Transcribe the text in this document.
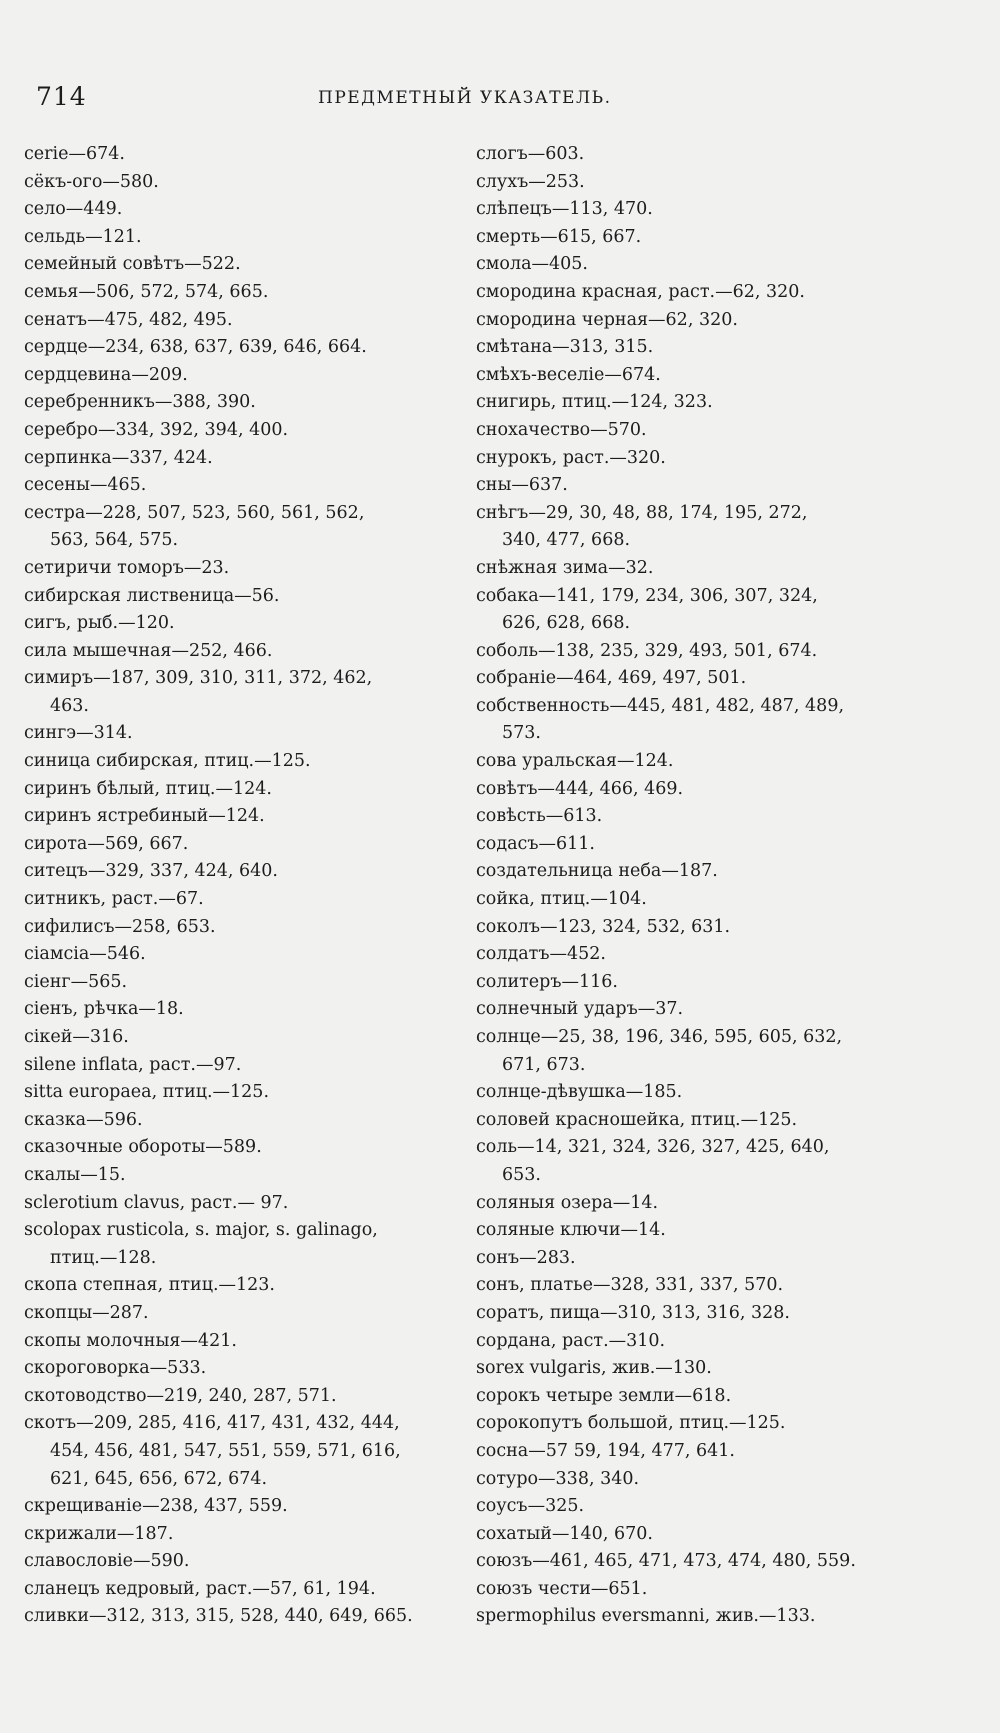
714	ПРЕДМЕТНЫЙ УКАЗАТЕЛЬ.
cerie—674.
сёкъ-ого—580.
село—449.
сельдь—121.
семейный совѣтъ—522.
семья—506, 572, 574, 665.
сенатъ—475, 482, 495.
сердце—234, 638, 637, 639, 646, 664.
сердцевина—209.
серебренникъ—388, 390.
серебро—334, 392, 394, 400.
серпинка—337, 424.
сесены—465.
сестра—228, 507, 523, 560, 561, 562,
563, 564, 575.
сетиричи томоръ—23.
сибирская лиственица—56.
сигъ, рыб.—120.
сила мышечная—252, 466.
симиръ—187, 309, 310, 311, 372, 462,
463.
сингэ—314.
синица сибирская, птиц.—125.
сиринъ бѣлый, птиц.—124.
сиринъ ястребиный—124.
сирота—569, 667.
ситецъ—329, 337, 424, 640.
ситникъ, раст.—67.
сифилисъ—258, 653.
сiамсiа—546.
сiенг—565.
сiенъ, рѣчка—18.
сiкей—316.
silene inflata, раст.—97.
sitta europaea, птиц.—125.
сказка—596.
сказочные обороты—589.
скалы—15.
sclerotium clavus, раст.— 97.
scolopax rusticola, s. major, s. galinago,
птиц.—128.
скопа степная, птиц.—123.
скопцы—287.
скопы молочныя—421.
скороговорка—533.
скотоводство—219, 240, 287, 571.
скотъ—209, 285, 416, 417, 431, 432, 444,
454, 456, 481, 547, 551, 559, 571, 616,
621, 645, 656, 672, 674.
скрещиванiе—238, 437, 559.
скрижали—187.
славословiе—590.
сланецъ кедровый, раст.—57, 61, 194.
сливки—312, 313, 315, 528, 440, 649, 665.
слогъ—603.
слухъ—253.
слѣпецъ—113, 470.
смерть—615, 667.
смола—405.
смородина красная, раст.—62, 320.
смородина черная—62, 320.
смѣтана—313, 315.
смѣхъ-веселiе—674.
снигирь, птиц.—124, 323.
снохачество—570.
снурокъ, раст.—320.
сны—637.
снѣгъ—29, 30, 48, 88, 174, 195, 272,
340, 477, 668.
снѣжная зима—32.
собака—141, 179, 234, 306, 307, 324,
626, 628, 668.
соболь—138, 235, 329, 493, 501, 674.
собранiе—464, 469, 497, 501.
собственность—445, 481, 482, 487, 489,
573.
сова уральская—124.
совѣтъ—444, 466, 469.
совѣсть—613.
содасъ—611.
создательница неба—187.
сойка, птиц.—104.
соколъ—123, 324, 532, 631.
солдатъ—452.
солитеръ—116.
солнечный ударъ—37.
солнце—25, 38, 196, 346, 595, 605, 632,
671, 673.
солнце-дѣвушка—185.
соловей красношейка, птиц.—125.
соль—14, 321, 324, 326, 327, 425, 640,
653.
соляныя озера—14.
соляные ключи—14.
сонъ—283.
сонъ, платье—328, 331, 337, 570.
соратъ, пища—310, 313, 316, 328.
сордана, раст.—310.
sorex vulgaris, жив.—130.
сорокъ четыре земли—618.
сорокопутъ большой, птиц.—125.
сосна—57 59, 194, 477, 641.
сотуро—338, 340.
соусъ—325.
сохатый—140, 670.
союзъ—461, 465, 471, 473, 474, 480, 559.
союзъ чести—651.
spermophilus eversmanni, жив.—133.
